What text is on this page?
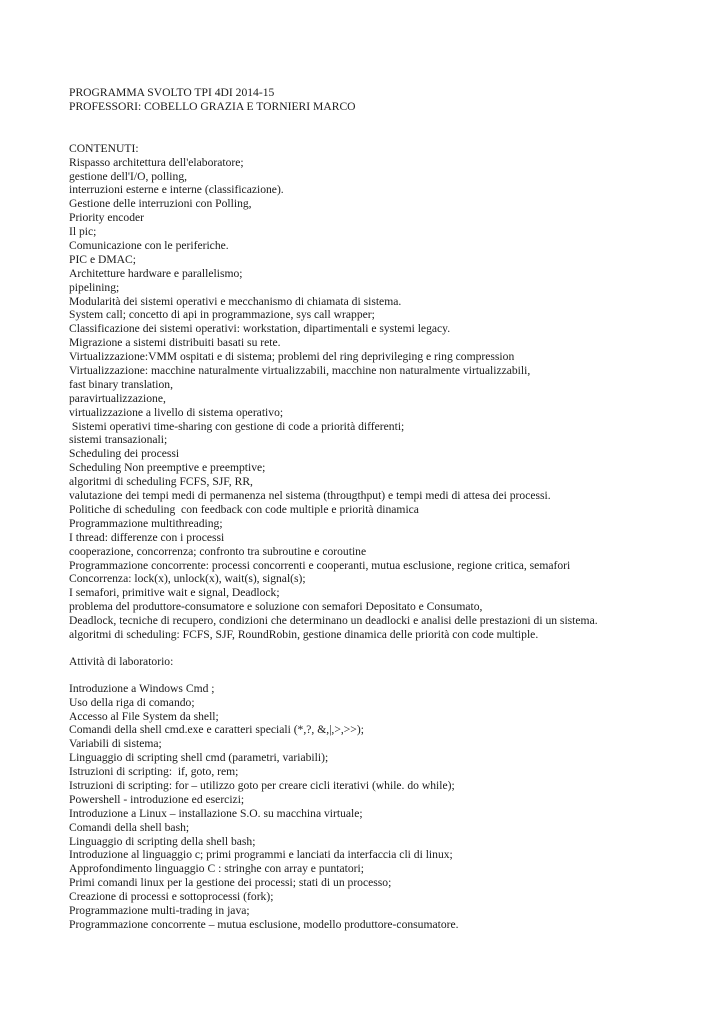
PROGRAMMA SVOLTO TPI 4DI 2014-15
PROFESSORI: COBELLO GRAZIA E TORNIERI MARCO
CONTENUTI:
Rispasso architettura dell'elaboratore;
gestione dell'I/O, polling,
interruzioni esterne e interne (classificazione).
Gestione delle interruzioni con Polling,
Priority encoder
Il pic;
Comunicazione con le periferiche.
PIC e DMAC;
Architetture hardware e parallelismo;
pipelining;
Modularità dei sistemi operativi e mecchanismo di chiamata di sistema.
System call; concetto di api in programmazione, sys call wrapper;
Classificazione dei sistemi operativi: workstation, dipartimentali e systemi legacy.
Migrazione a sistemi distribuiti basati su rete.
Virtualizzazione:VMM ospitati e di sistema; problemi del ring deprivileging e ring compression
Virtualizzazione: macchine naturalmente virtualizzabili, macchine non naturalmente virtualizzabili,
fast binary translation,
paravirtualizzazione,
virtualizzazione a livello di sistema operativo;
Sistemi operativi time-sharing con gestione di code a priorità differenti;
sistemi transazionali;
Scheduling dei processi
Scheduling Non preemptive e preemptive;
algoritmi di scheduling FCFS, SJF, RR,
valutazione dei tempi medi di permanenza nel sistema (througthput) e tempi medi di attesa dei processi.
Politiche di scheduling  con feedback con code multiple e priorità dinamica
Programmazione multithreading;
I thread: differenze con i processi
cooperazione, concorrenza; confronto tra subroutine e coroutine
Programmazione concorrente: processi concorrenti e cooperanti, mutua esclusione, regione critica, semafori
Concorrenza: lock(x), unlock(x), wait(s), signal(s);
I semafori, primitive wait e signal, Deadlock;
problema del produttore-consumatore e soluzione con semafori Depositato e Consumato,
Deadlock, tecniche di recupero, condizioni che determinano un deadlocki e analisi delle prestazioni di un sistema.
algoritmi di scheduling: FCFS, SJF, RoundRobin, gestione dinamica delle priorità con code multiple.
Attività di laboratorio:
Introduzione a Windows Cmd ;
Uso della riga di comando;
Accesso al File System da shell;
Comandi della shell cmd.exe e caratteri speciali (*,?, &,|,>,>>);
Variabili di sistema;
Linguaggio di scripting shell cmd (parametri, variabili);
Istruzioni di scripting:  if, goto, rem;
Istruzioni di scripting: for – utilizzo goto per creare cicli iterativi (while. do while);
Powershell - introduzione ed esercizi;
Introduzione a Linux – installazione S.O. su macchina virtuale;
Comandi della shell bash;
Linguaggio di scripting della shell bash;
Introduzione al linguaggio c; primi programmi e lanciati da interfaccia cli di linux;
Approfondimento linguaggio C : stringhe con array e puntatori;
Primi comandi linux per la gestione dei processi; stati di un processo;
Creazione di processi e sottoprocessi (fork);
Programmazione multi-trading in java;
Programmazione concorrente – mutua esclusione, modello produttore-consumatore.
